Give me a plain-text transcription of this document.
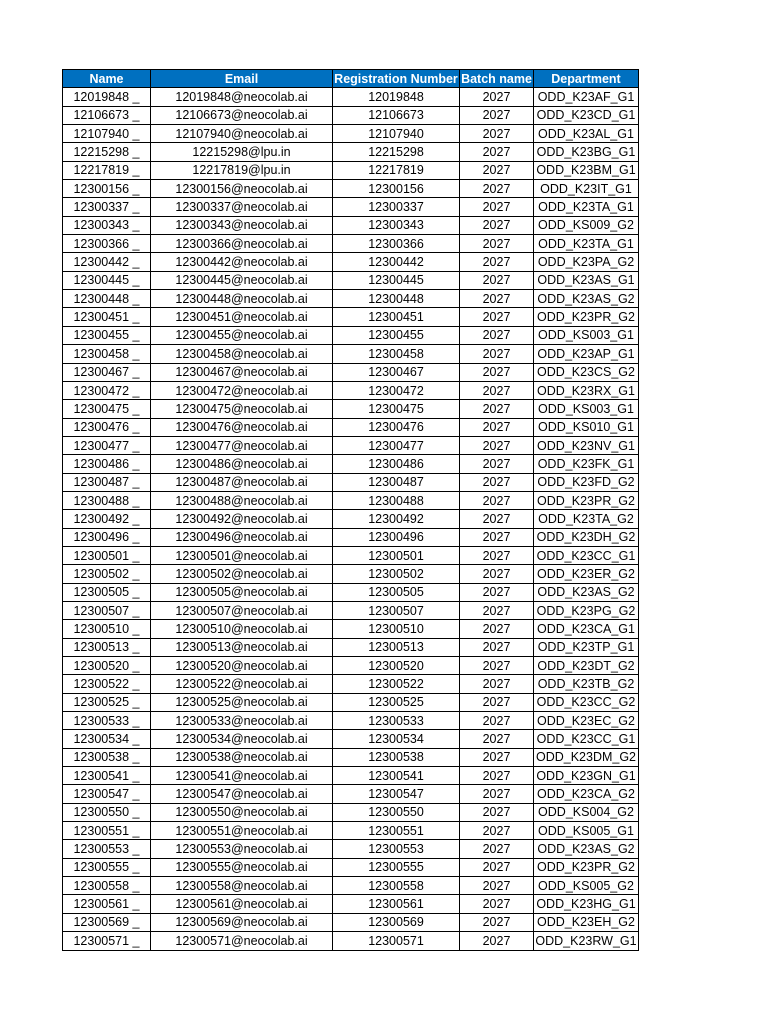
Name	Email	Registration Number	Batch name	Department
12019848 _	12019848@neocolab.ai	12019848	2027	ODD_K23AF_G1
12106673 _	12106673@neocolab.ai	12106673	2027	ODD_K23CD_G1
12107940 _	12107940@neocolab.ai	12107940	2027	ODD_K23AL_G1
12215298 _	12215298@lpu.in	12215298	2027	ODD_K23BG_G1
12217819 _	12217819@lpu.in	12217819	2027	ODD_K23BM_G1
12300156 _	12300156@neocolab.ai	12300156	2027	ODD_K23IT_G1
12300337 _	12300337@neocolab.ai	12300337	2027	ODD_K23TA_G1
12300343 _	12300343@neocolab.ai	12300343	2027	ODD_KS009_G2
12300366 _	12300366@neocolab.ai	12300366	2027	ODD_K23TA_G1
12300442 _	12300442@neocolab.ai	12300442	2027	ODD_K23PA_G2
12300445 _	12300445@neocolab.ai	12300445	2027	ODD_K23AS_G1
12300448 _	12300448@neocolab.ai	12300448	2027	ODD_K23AS_G2
12300451 _	12300451@neocolab.ai	12300451	2027	ODD_K23PR_G2
12300455 _	12300455@neocolab.ai	12300455	2027	ODD_KS003_G1
12300458 _	12300458@neocolab.ai	12300458	2027	ODD_K23AP_G1
12300467 _	12300467@neocolab.ai	12300467	2027	ODD_K23CS_G2
12300472 _	12300472@neocolab.ai	12300472	2027	ODD_K23RX_G1
12300475 _	12300475@neocolab.ai	12300475	2027	ODD_KS003_G1
12300476 _	12300476@neocolab.ai	12300476	2027	ODD_KS010_G1
12300477 _	12300477@neocolab.ai	12300477	2027	ODD_K23NV_G1
12300486 _	12300486@neocolab.ai	12300486	2027	ODD_K23FK_G1
12300487 _	12300487@neocolab.ai	12300487	2027	ODD_K23FD_G2
12300488 _	12300488@neocolab.ai	12300488	2027	ODD_K23PR_G2
12300492 _	12300492@neocolab.ai	12300492	2027	ODD_K23TA_G2
12300496 _	12300496@neocolab.ai	12300496	2027	ODD_K23DH_G2
12300501 _	12300501@neocolab.ai	12300501	2027	ODD_K23CC_G1
12300502 _	12300502@neocolab.ai	12300502	2027	ODD_K23ER_G2
12300505 _	12300505@neocolab.ai	12300505	2027	ODD_K23AS_G2
12300507 _	12300507@neocolab.ai	12300507	2027	ODD_K23PG_G2
12300510 _	12300510@neocolab.ai	12300510	2027	ODD_K23CA_G1
12300513 _	12300513@neocolab.ai	12300513	2027	ODD_K23TP_G1
12300520 _	12300520@neocolab.ai	12300520	2027	ODD_K23DT_G2
12300522 _	12300522@neocolab.ai	12300522	2027	ODD_K23TB_G2
12300525 _	12300525@neocolab.ai	12300525	2027	ODD_K23CC_G2
12300533 _	12300533@neocolab.ai	12300533	2027	ODD_K23EC_G2
12300534 _	12300534@neocolab.ai	12300534	2027	ODD_K23CC_G1
12300538 _	12300538@neocolab.ai	12300538	2027	ODD_K23DM_G2
12300541 _	12300541@neocolab.ai	12300541	2027	ODD_K23GN_G1
12300547 _	12300547@neocolab.ai	12300547	2027	ODD_K23CA_G2
12300550 _	12300550@neocolab.ai	12300550	2027	ODD_KS004_G2
12300551 _	12300551@neocolab.ai	12300551	2027	ODD_KS005_G1
12300553 _	12300553@neocolab.ai	12300553	2027	ODD_K23AS_G2
12300555 _	12300555@neocolab.ai	12300555	2027	ODD_K23PR_G2
12300558 _	12300558@neocolab.ai	12300558	2027	ODD_KS005_G2
12300561 _	12300561@neocolab.ai	12300561	2027	ODD_K23HG_G1
12300569 _	12300569@neocolab.ai	12300569	2027	ODD_K23EH_G2
12300571 _	12300571@neocolab.ai	12300571	2027	ODD_K23RW_G1
